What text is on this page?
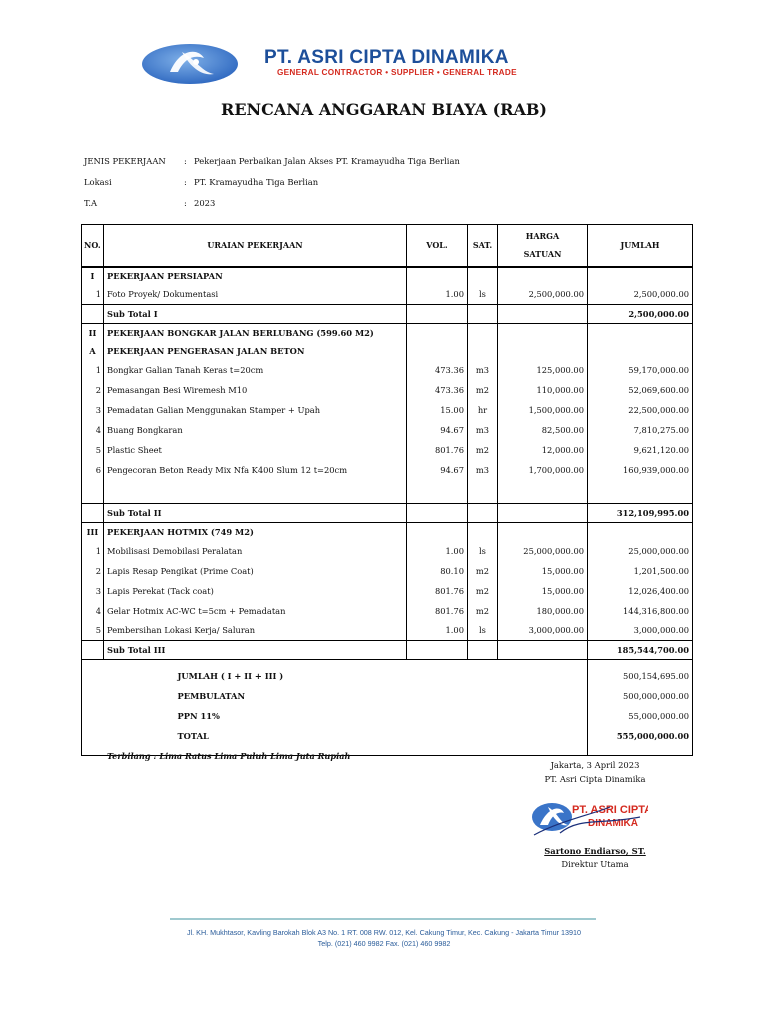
PT. ASRI CIPTA DINAMIKA
GENERAL CONTRACTOR • SUPPLIER • GENERAL TRADE
RENCANA ANGGARAN BIAYA (RAB)
JENIS PEKERJAAN	: Pekerjaan Perbaikan Jalan Akses PT. Kramayudha Tiga Berlian
Lokasi	: PT. Kramayudha Tiga Berlian
T.A	: 2023
NO.	URAIAN PEKERJAAN	VOL.	SAT.	HARGA
SATUAN	JUMLAH
I	PEKERJAAN PERSIAPAN				
1	Foto Proyek/ Dokumentasi	1.00	ls	2,500,000.00	2,500,000.00
	Sub Total I				2,500,000.00
II	PEKERJAAN BONGKAR JALAN BERLUBANG (599.60 M2)				
A	PEKERJAAN PENGERASAN JALAN BETON				
1	Bongkar Galian Tanah Keras t=20cm	473.36	m3	125,000.00	59,170,000.00
2	Pemasangan Besi Wiremesh M10	473.36	m2	110,000.00	52,069,600.00
3	Pemadatan Galian Menggunakan Stamper + Upah	15.00	hr	1,500,000.00	22,500,000.00
4	Buang Bongkaran	94.67	m3	82,500.00	7,810,275.00
5	Plastic Sheet	801.76	m2	12,000.00	9,621,120.00
6	Pengecoran Beton Ready Mix Nfa K400 Slum 12 t=20cm	94.67	m3	1,700,000.00	160,939,000.00

	Sub Total II				312,109,995.00
III	PEKERJAAN HOTMIX (749 M2)				
1	Mobilisasi Demobilasi Peralatan	1.00	ls	25,000,000.00	25,000,000.00
2	Lapis Resap Pengikat (Prime Coat)	80.10	m2	15,000.00	1,201,500.00
3	Lapis Perekat (Tack coat)	801.76	m2	15,000.00	12,026,400.00
4	Gelar Hotmix AC-WC t=5cm + Pemadatan	801.76	m2	180,000.00	144,316,800.00
5	Pembersihan Lokasi Kerja/ Saluran	1.00	ls	3,000,000.00	3,000,000.00
	Sub Total III				185,544,700.00

	JUMLAH ( I + II + III )				500,154,695.00
	PEMBULATAN				500,000,000.00
	PPN 11%				55,000,000.00
	TOTAL				555,000,000.00

Terbilang : Lima Ratus Lima Puluh Lima Juta Rupiah
Jakarta, 3 April 2023
PT. Asri Cipta Dinamika
PT. ASRI CIPTA
DINAMIKA
Sartono Endiarso, ST.
Direktur Utama
Jl. KH. Mukhtasor, Kavling Barokah Blok A3 No. 1 RT. 008 RW. 012, Kel. Cakung Timur, Kec. Cakung - Jakarta Timur 13910
Telp. (021) 460 9982 Fax. (021) 460 9982
